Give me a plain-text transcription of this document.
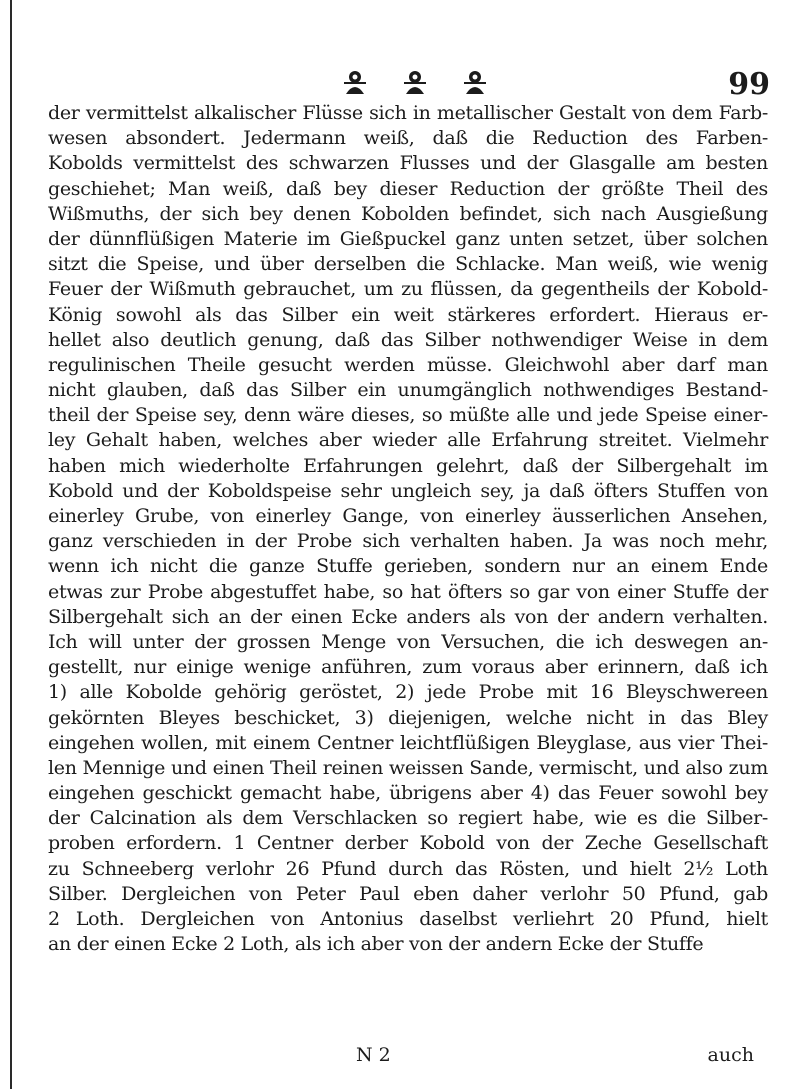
99
der vermittelst alkalischer Flüsse sich in metallischer Gestalt von dem Farb-
wesen absondert. Jedermann weiß, daß die Reduction des Farben-
Kobolds vermittelst des schwarzen Flusses und der Glasgalle am besten
geschiehet; Man weiß, daß bey dieser Reduction der größte Theil des
Wißmuths, der sich bey denen Kobolden befindet, sich nach Ausgießung
der dünnflüßigen Materie im Gießpuckel ganz unten setzet, über solchen
sitzt die Speise, und über derselben die Schlacke. Man weiß, wie wenig
Feuer der Wißmuth gebrauchet, um zu flüssen, da gegentheils der Kobold-
König sowohl als das Silber ein weit stärkeres erfordert. Hieraus er-
hellet also deutlich genung, daß das Silber nothwendiger Weise in dem
regulinischen Theile gesucht werden müsse. Gleichwohl aber darf man
nicht glauben, daß das Silber ein unumgänglich nothwendiges Bestand-
theil der Speise sey, denn wäre dieses, so müßte alle und jede Speise einer-
ley Gehalt haben, welches aber wieder alle Erfahrung streitet. Vielmehr
haben mich wiederholte Erfahrungen gelehrt, daß der Silbergehalt im
Kobold und der Koboldspeise sehr ungleich sey, ja daß öfters Stuffen von
einerley Grube, von einerley Gange, von einerley äusserlichen Ansehen,
ganz verschieden in der Probe sich verhalten haben. Ja was noch mehr,
wenn ich nicht die ganze Stuffe gerieben, sondern nur an einem Ende
etwas zur Probe abgestuffet habe, so hat öfters so gar von einer Stuffe der
Silbergehalt sich an der einen Ecke anders als von der andern verhalten.
Ich will unter der grossen Menge von Versuchen, die ich deswegen an-
gestellt, nur einige wenige anführen, zum voraus aber erinnern, daß ich
1) alle Kobolde gehörig geröstet, 2) jede Probe mit 16 Bleyschwereen
gekörnten Bleyes beschicket, 3) diejenigen, welche nicht in das Bley
eingehen wollen, mit einem Centner leichtflüßigen Bleyglase, aus vier Thei-
len Mennige und einen Theil reinen weissen Sande, vermischt, und also zum
eingehen geschickt gemacht habe, übrigens aber 4) das Feuer sowohl bey
der Calcination als dem Verschlacken so regiert habe, wie es die Silber-
proben erfordern. 1 Centner derber Kobold von der Zeche Gesellschaft
zu Schneeberg verlohr 26 Pfund durch das Rösten, und hielt 2½ Loth
Silber. Dergleichen von Peter Paul eben daher verlohr 50 Pfund, gab
2 Loth. Dergleichen von Antonius daselbst verliehrt 20 Pfund, hielt
an der einen Ecke 2 Loth, als ich aber von der andern Ecke der Stuffe
N 2	auch
